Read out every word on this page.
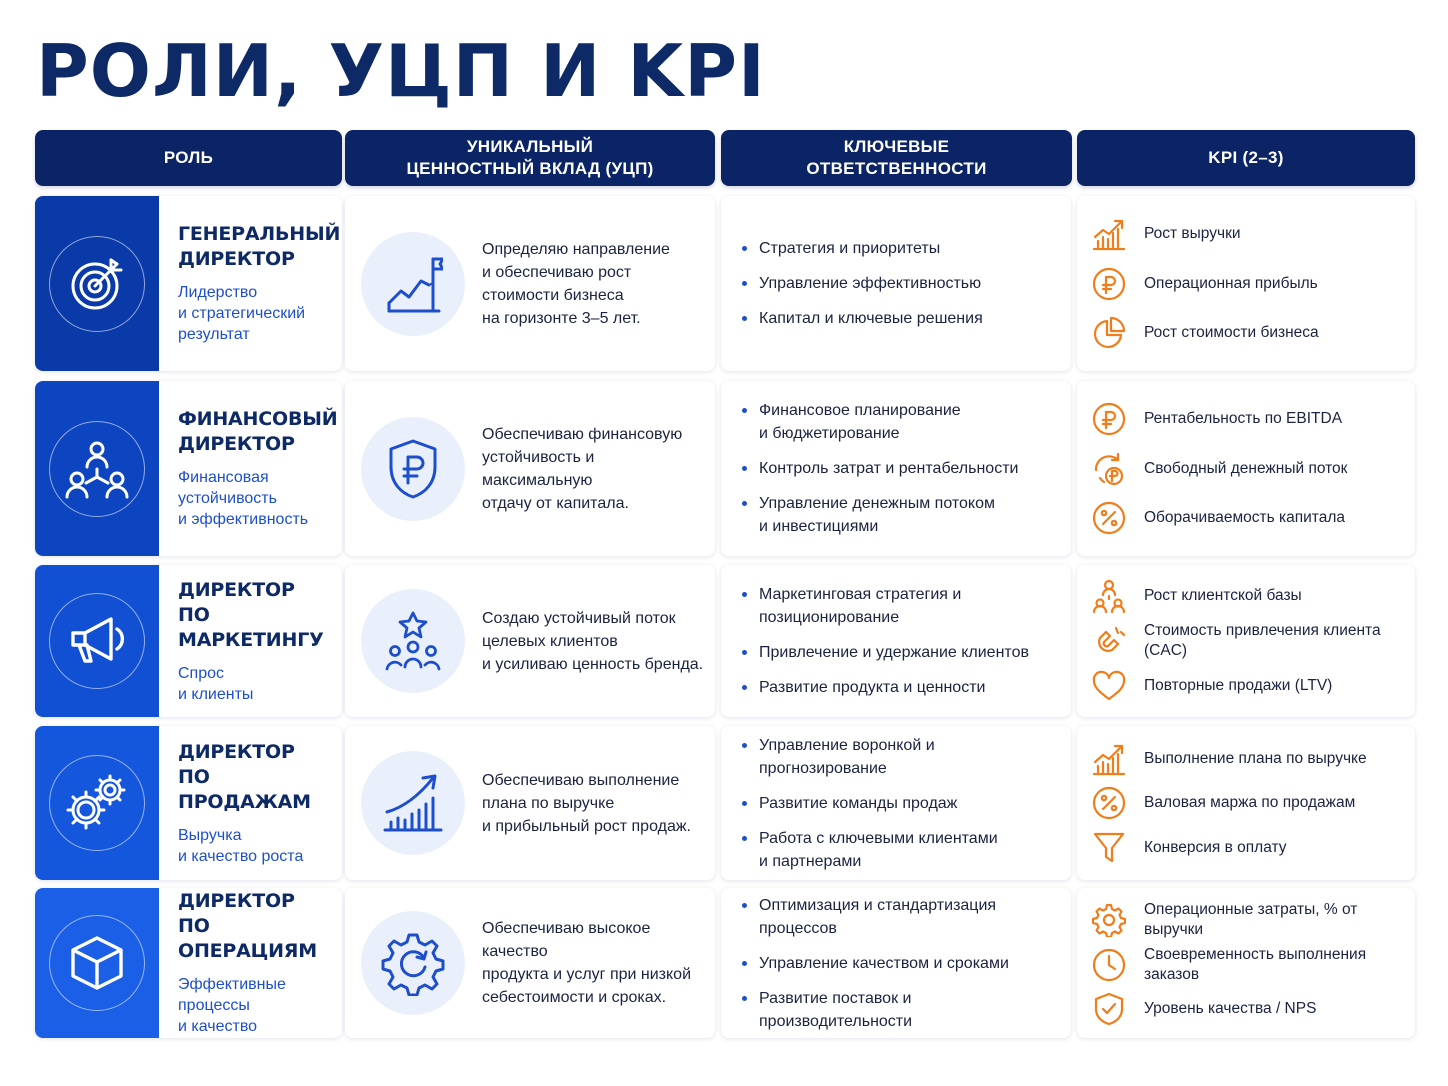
РОЛИ, УЦП И KPI
РОЛЬ
УНИКАЛЬНЫЙ
ЦЕННОСТНЫЙ ВКЛАД (УЦП)
КЛЮЧЕВЫЕ
ОТВЕТСТВЕННОСТИ
KPI (2–3)
ГЕНЕРАЛЬНЫЙ
ДИРЕКТОР
Лидерство
и стратегический
результат
Определяю направление
и обеспечиваю рост
стоимости бизнеса
на горизонте 3–5 лет.
Стратегия и приоритеты
Управление эффективностью
Капитал и ключевые решения
Рост выручки
Операционная прибыль
Рост стоимости бизнеса
ФИНАНСОВЫЙ
ДИРЕКТОР
Финансовая
устойчивость
и эффективность
Обеспечиваю финансовую
устойчивость и максимальную
отдачу от капитала.
Финансовое планирование
и бюджетирование
Контроль затрат и рентабельности
Управление денежным потоком
и инвестициями
Рентабельность по EBITDA
Свободный денежный поток
Оборачиваемость капитала
ДИРЕКТОР
ПО МАРКЕТИНГУ
Спрос
и клиенты
Создаю устойчивый поток
целевых клиентов
и усиливаю ценность бренда.
Маркетинговая стратегия и позиционирование
Привлечение и удержание клиентов
Развитие продукта и ценности
Рост клиентской базы
Стоимость привлечения клиента (CAC)
Повторные продажи (LTV)
ДИРЕКТОР
ПО ПРОДАЖАМ
Выручка
и качество роста
Обеспечиваю выполнение
плана по выручке
и прибыльный рост продаж.
Управление воронкой и прогнозирование
Развитие команды продаж
Работа с ключевыми клиентами
и партнерами
Выполнение плана по выручке
Валовая маржа по продажам
Конверсия в оплату
ДИРЕКТОР
ПО ОПЕРАЦИЯМ
Эффективные
процессы
и качество
Обеспечиваю высокое качество
продукта и услуг при низкой
себестоимости и сроках.
Оптимизация и стандартизация процессов
Управление качеством и сроками
Развитие поставок и производительности
Операционные затраты, % от выручки
Своевременность выполнения заказов
Уровень качества / NPS
